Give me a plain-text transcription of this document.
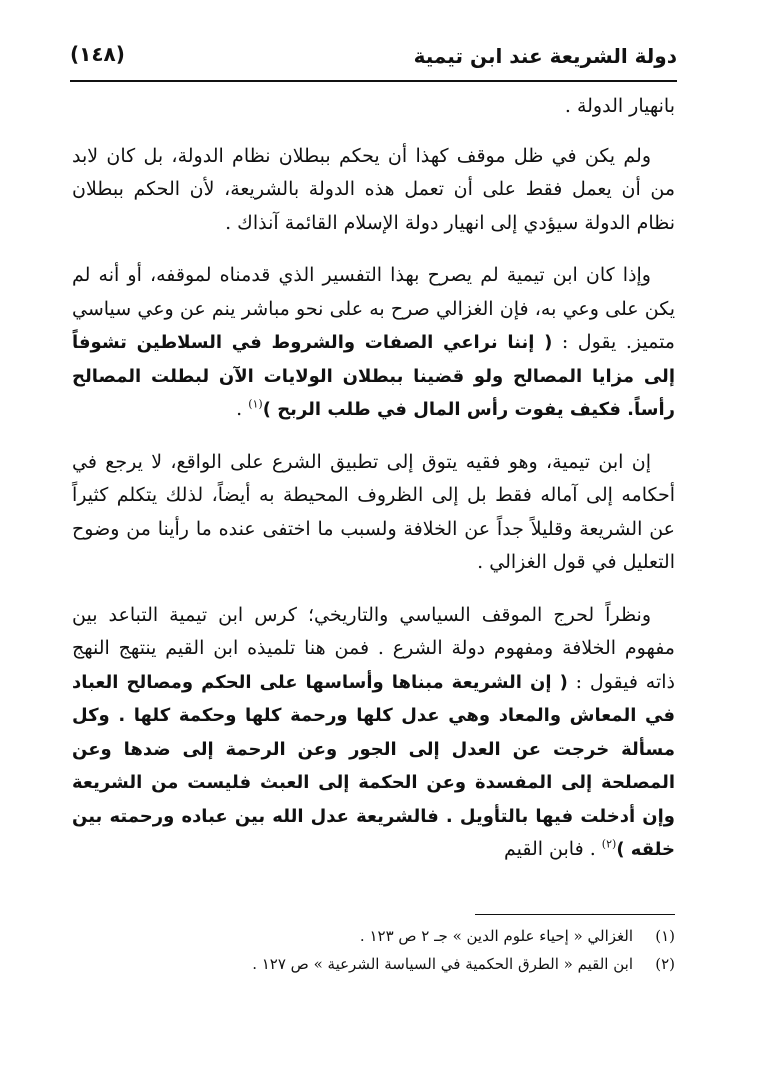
دولة الشريعة عند ابن تيمية
(١٤٨)

بانهيار الدولة .

ولم يكن في ظل موقف كهذا أن يحكم ببطلان نظام الدولة، بل كان لابد من أن يعمل فقط على أن تعمل هذه الدولة بالشريعة، لأن الحكم ببطلان نظام الدولة سيؤدي إلى انهيار دولة الإسلام القائمة آنذاك .

وإذا كان ابن تيمية لم يصرح بهذا التفسير الذي قدمناه لموقفه، أو أنه لم يكن على وعي به، فإن الغزالي صرح به على نحو مباشر ينم عن وعي سياسي متميز. يقول : ( إننا نراعي الصفات والشروط في السلاطين تشوفاً إلى مزايا المصالح ولو قضينا ببطلان الولايات الآن لبطلت المصالح رأساً. فكيف يفوت رأس المال في طلب الربح )$^{(١)}$ .

إن ابن تيمية، وهو فقيه يتوق إلى تطبيق الشرع على الواقع، لا يرجع في أحكامه إلى آماله فقط بل إلى الظروف المحيطة به أيضاً، لذلك يتكلم كثيراً عن الشريعة وقليلاً جداً عن الخلافة ولسبب ما اختفى عنده ما رأينا من وضوح التعليل في قول الغزالي .

ونظراً لحرج الموقف السياسي والتاريخي؛ كرس ابن تيمية التباعد بين مفهوم الخلافة ومفهوم دولة الشرع . فمن هنا تلميذه ابن القيم ينتهج النهج ذاته فيقول : ( إن الشريعة مبناها وأساسها على الحكم ومصالح العباد في المعاش والمعاد وهي عدل كلها ورحمة كلها وحكمة كلها . وكل مسألة خرجت عن العدل إلى الجور وعن الرحمة إلى ضدها وعن المصلحة إلى المفسدة وعن الحكمة إلى العبث فليست من الشريعة وإن أدخلت فيها بالتأويل . فالشريعة عدل الله بين عباده ورحمته بين خلقه )$^{(٢)}$ . فابن القيم

(١)
الغزالي « إحياء علوم الدين » جـ ٢ ص ١٢٣ .
(٢)
ابن القيم « الطرق الحكمية في السياسة الشرعية » ص ١٢٧ .
